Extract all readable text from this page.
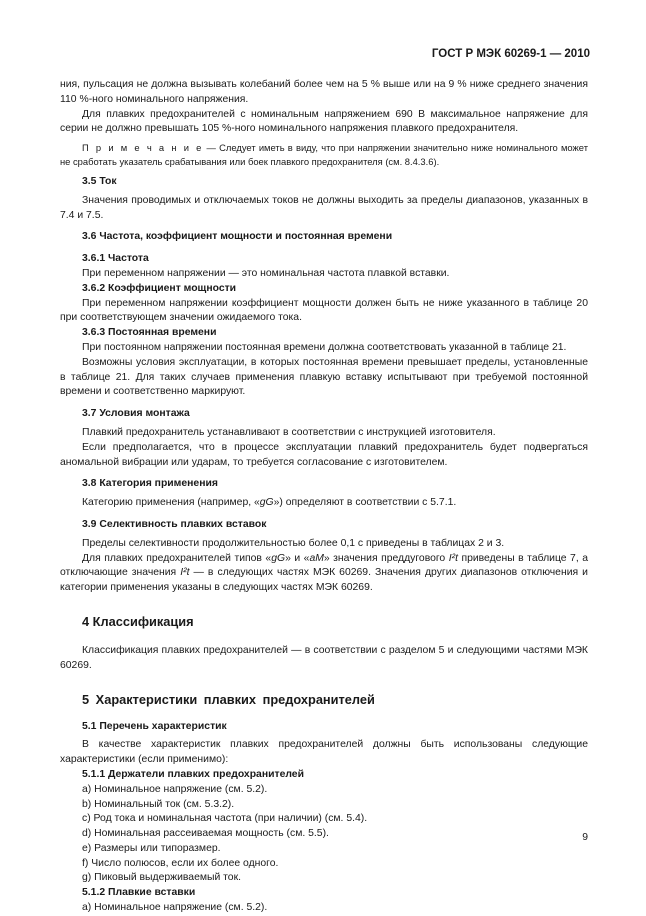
ГОСТ Р МЭК 60269-1 — 2010

ния, пульсация не должна вызывать колебаний более чем на 5 % выше или на 9 % ниже среднего значения 110 %-ного номинального напряжения.

Для плавких предохранителей с номинальным напряжением 690 В максимальное напряжение для серии не должно превышать 105 %-ного номинального напряжения плавкого предохранителя.

П р и м е ч а н и е — Следует иметь в виду, что при напряжении значительно ниже номинального может не сработать указатель срабатывания или боек плавкого предохранителя (см. 8.4.3.6).

3.5 Ток

Значения проводимых и отключаемых токов не должны выходить за пределы диапазонов, указанных в 7.4 и 7.5.

3.6 Частота, коэффициент мощности и постоянная времени

3.6.1 Частота

При переменном напряжении — это номинальная частота плавкой вставки.

3.6.2 Коэффициент мощности

При переменном напряжении коэффициент мощности должен быть не ниже указанного в таблице 20 при соответствующем значении ожидаемого тока.

3.6.3 Постоянная времени

При постоянном напряжении постоянная времени должна соответствовать указанной в таблице 21.

Возможны условия эксплуатации, в которых постоянная времени превышает пределы, установленные в таблице 21. Для таких случаев применения плавкую вставку испытывают при требуемой постоянной времени и соответственно маркируют.

3.7 Условия монтажа

Плавкий предохранитель устанавливают в соответствии с инструкцией изготовителя.

Если предполагается, что в процессе эксплуатации плавкий предохранитель будет подвергаться аномальной вибрации или ударам, то требуется согласование с изготовителем.

3.8 Категория применения

Категорию применения (например, «gG») определяют в соответствии с 5.7.1.

3.9 Селективность плавких вставок

Пределы селективности продолжительностью более 0,1 с приведены в таблицах 2 и 3.

Для плавких предохранителей типов «gG» и «aM» значения преддугового I²t приведены в таблице 7, а отключающие значения I²t — в следующих частях МЭК 60269. Значения других диапазонов отключения и категории применения указаны в следующих частях МЭК 60269.

4 Классификация

Классификация плавких предохранителей — в соответствии с разделом 5 и следующими частями МЭК 60269.

5 Характеристики плавких предохранителей

5.1 Перечень характеристик

В качестве характеристик плавких предохранителей должны быть использованы следующие характеристики (если применимо):

5.1.1 Держатели плавких предохранителей

a) Номинальное напряжение (см. 5.2).

b) Номинальный ток (см. 5.3.2).

c) Род тока и номинальная частота (при наличии) (см. 5.4).

d) Номинальная рассеиваемая мощность (см. 5.5).

e) Размеры или типоразмер.

f) Число полюсов, если их более одного.

g) Пиковый выдерживаемый ток.

5.1.2 Плавкие вставки

a) Номинальное напряжение (см. 5.2).

9
